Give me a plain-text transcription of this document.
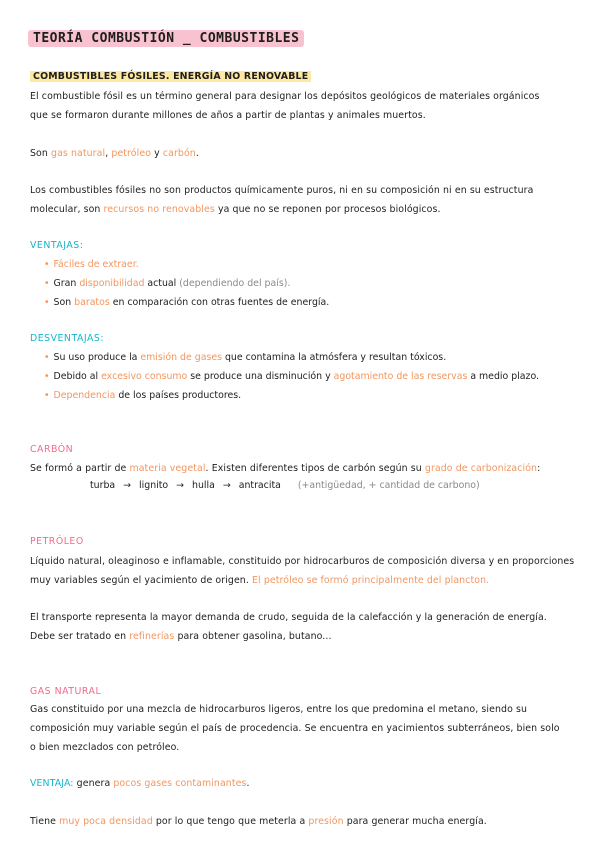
TEORÍA COMBUSTIÓN _ COMBUSTIBLES
COMBUSTIBLES FÓSILES. ENERGÍA NO RENOVABLE
El combustible fósil es un término general para designar los depósitos geológicos de materiales orgánicos
que se formaron durante millones de años a partir de plantas y animales muertos.
Son gas natural, petróleo y carbón.
Los combustibles fósiles no son productos químicamente puros, ni en su composición ni en su estructura
molecular, son recursos no renovables ya que no se reponen por procesos biológicos.
VENTAJAS:
• Fáciles de extraer.
• Gran disponibilidad actual (dependiendo del país).
• Son baratos en comparación con otras fuentes de energía.
DESVENTAJAS:
• Su uso produce la emisión de gases que contamina la atmósfera y resultan tóxicos.
• Debido al excesivo consumo se produce una disminución y agotamiento de las reservas a medio plazo.
• Dependencia de los países productores.
CARBÓN
Se formó a partir de materia vegetal. Existen diferentes tipos de carbón según su grado de carbonización:
turba → lignito → hulla → antracita (+antigüedad, + cantidad de carbono)
PETRÓLEO
Líquido natural, oleaginoso e inflamable, constituido por hidrocarburos de composición diversa y en proporciones
muy variables según el yacimiento de origen. El petróleo se formó principalmente del plancton.
El transporte representa la mayor demanda de crudo, seguida de la calefacción y la generación de energía.
Debe ser tratado en refinerías para obtener gasolina, butano...
GAS NATURAL
Gas constituido por una mezcla de hidrocarburos ligeros, entre los que predomina el metano, siendo su
composición muy variable según el país de procedencia. Se encuentra en yacimientos subterráneos, bien solo
o bien mezclados con petróleo.
VENTAJA: genera pocos gases contaminantes.
Tiene muy poca densidad por lo que tengo que meterla a presión para generar mucha energía.
